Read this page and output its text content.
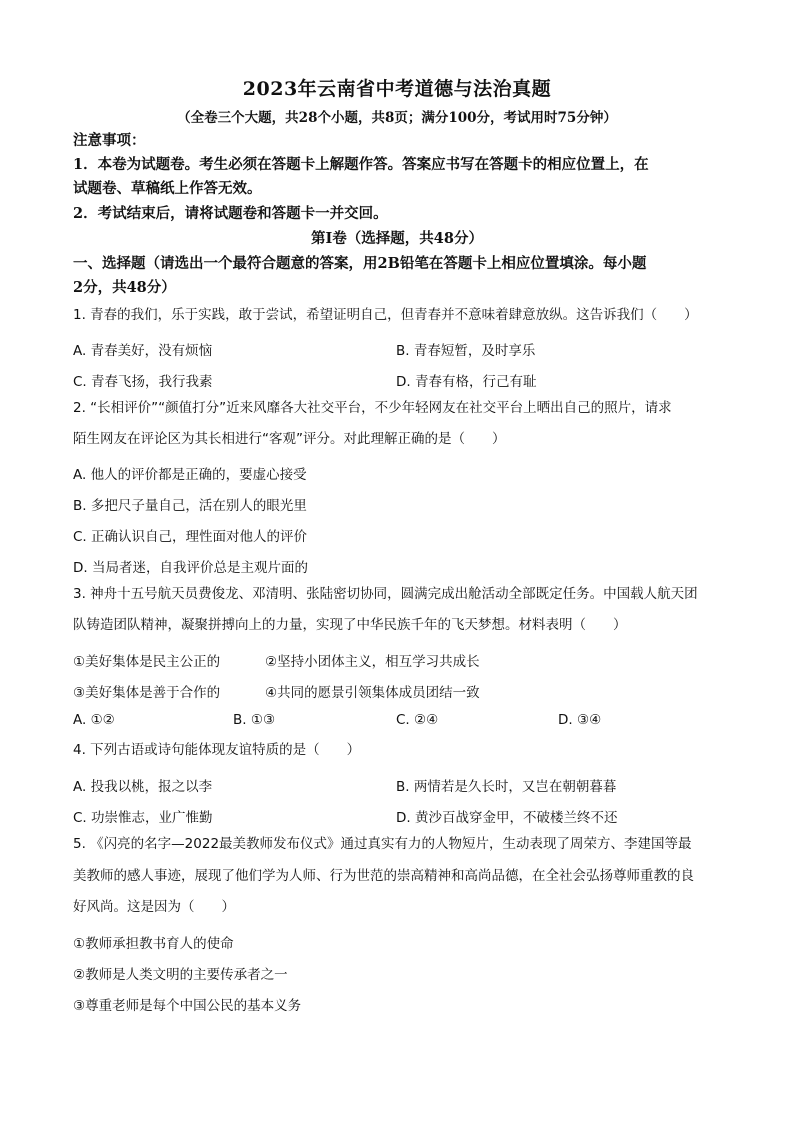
2023年云南省中考道德与法治真题
（全卷三个大题，共28个小题，共8页；满分100分，考试用时75分钟）
注意事项：
1．本卷为试题卷。考生必须在答题卡上解题作答。答案应书写在答题卡的相应位置上，在
试题卷、草稿纸上作答无效。
2．考试结束后，请将试题卷和答题卡一并交回。
第Ⅰ卷（选择题，共48分）
一、选择题（请选出一个最符合题意的答案，用2B铅笔在答题卡上相应位置填涂。每小题
2分，共48分）
1. 青春的我们，乐于实践，敢于尝试，希望证明自己，但青春并不意味着肆意放纵。这告诉我们（　　）
A. 青春美好，没有烦恼	B. 青春短暂，及时享乐
C. 青春飞扬，我行我素	D. 青春有格，行己有耻
2. “长相评价”“颜值打分”近来风靡各大社交平台，不少年轻网友在社交平台上晒出自己的照片，请求
陌生网友在评论区为其长相进行“客观”评分。对此理解正确的是（　　）
A. 他人的评价都是正确的，要虚心接受
B. 多把尺子量自己，活在别人的眼光里
C. 正确认识自己，理性面对他人的评价
D. 当局者迷，自我评价总是主观片面的
3. 神舟十五号航天员费俊龙、邓清明、张陆密切协同，圆满完成出舱活动全部既定任务。中国载人航天团
队铸造团队精神，凝聚拼搏向上的力量，实现了中华民族千年的飞天梦想。材料表明（　　）
①美好集体是民主公正的	②坚持小团体主义，相互学习共成长
③美好集体是善于合作的	④共同的愿景引领集体成员团结一致
A. ①②	B. ①③	C. ②④	D. ③④
4. 下列古语或诗句能体现友谊特质的是（　　）
A. 投我以桃，报之以李	B. 两情若是久长时，又岂在朝朝暮暮
C. 功崇惟志，业广惟勤	D. 黄沙百战穿金甲，不破楼兰终不还
5. 《闪亮的名字—2022最美教师发布仪式》通过真实有力的人物短片，生动表现了周荣方、李建国等最
美教师的感人事迹，展现了他们学为人师、行为世范的崇高精神和高尚品德，在全社会弘扬尊师重教的良
好风尚。这是因为（　　）
①教师承担教书育人的使命
②教师是人类文明的主要传承者之一
③尊重老师是每个中国公民的基本义务
